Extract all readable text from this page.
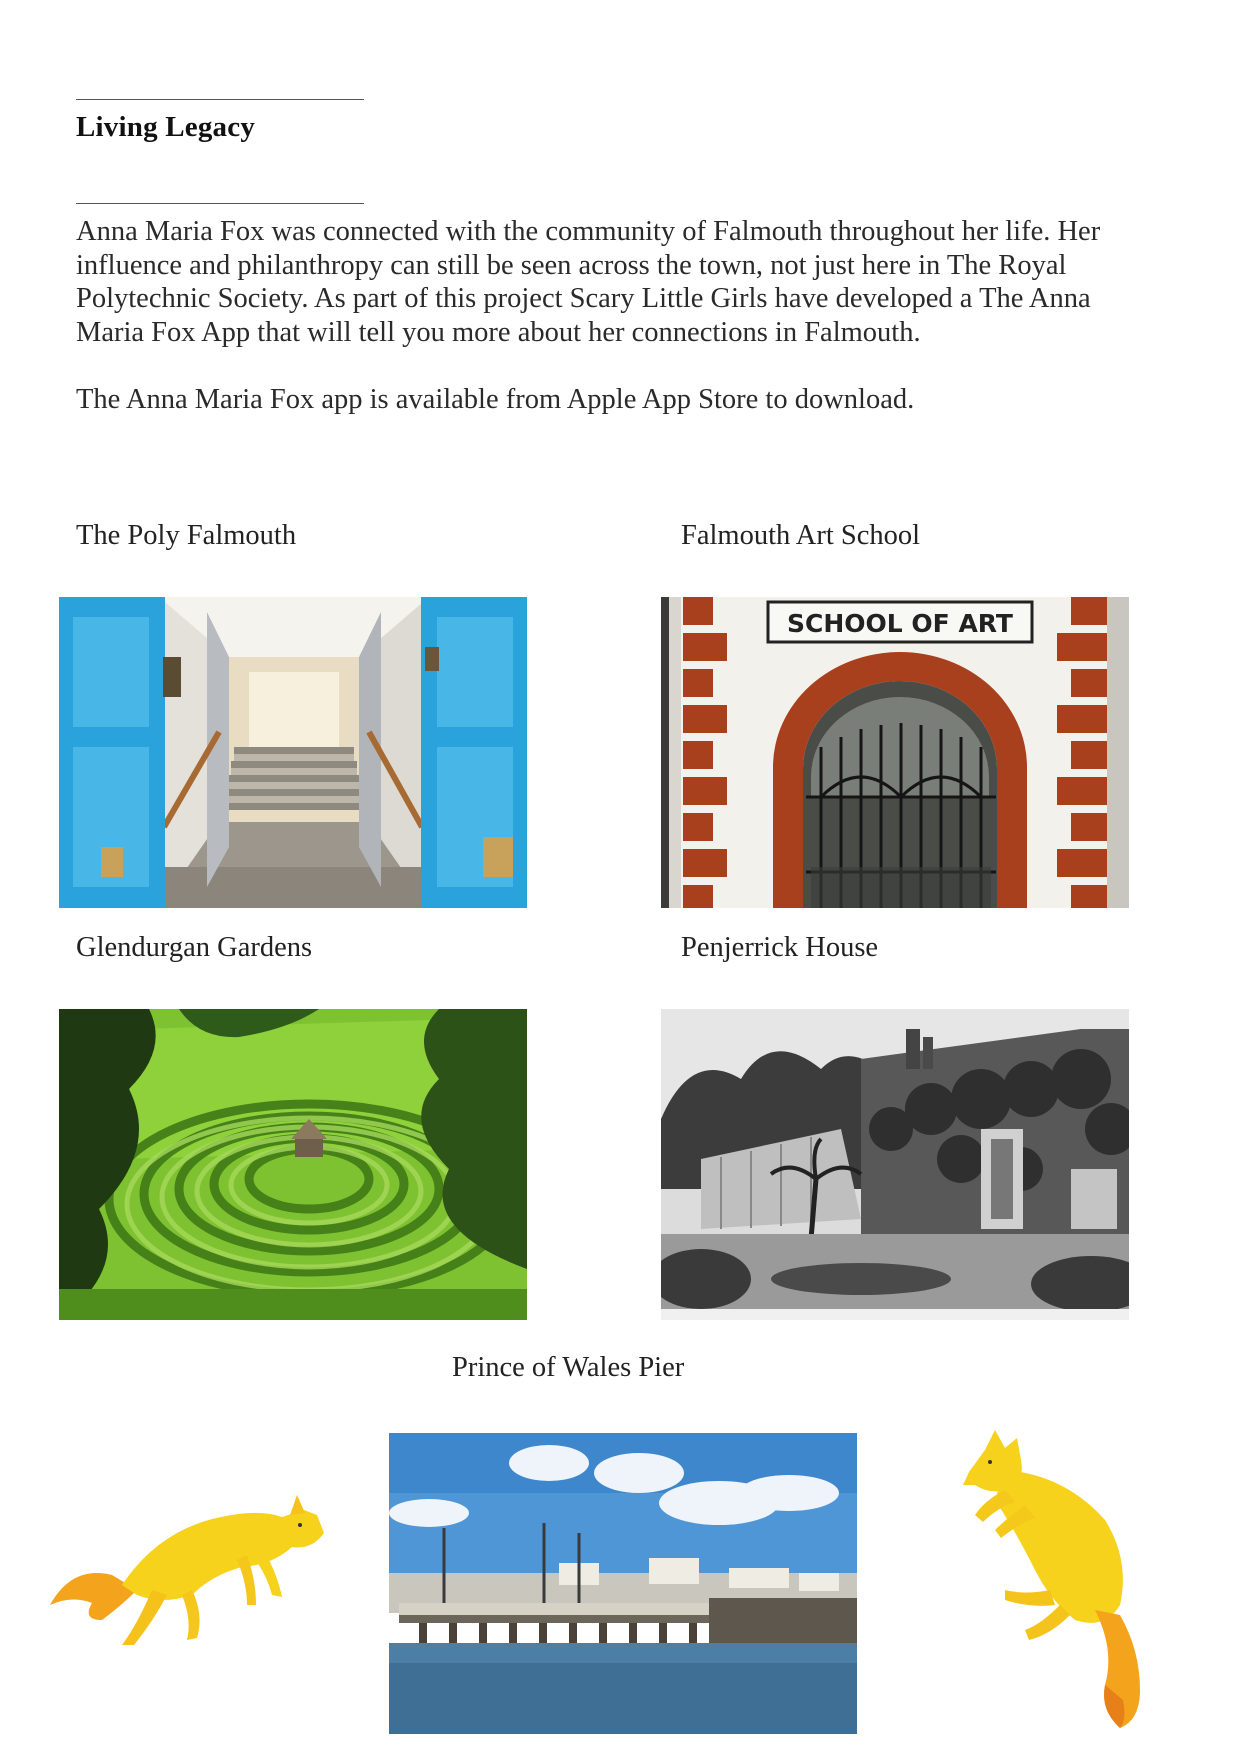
Living Legacy

Anna Maria Fox was connected with the community of Falmouth throughout her life. Her influence and philanthropy can still be seen across the town, not just here in The Royal Polytechnic Society. As part of this project Scary Little Girls have developed a The Anna Maria Fox App that will tell you more about her connections in Falmouth.

The Anna Maria Fox app is available from Apple App Store to download.

The Poly Falmouth	Falmouth Art School

SCHOOL OF ART

Glendurgan Gardens	Penjerrick House

Prince of Wales Pier
